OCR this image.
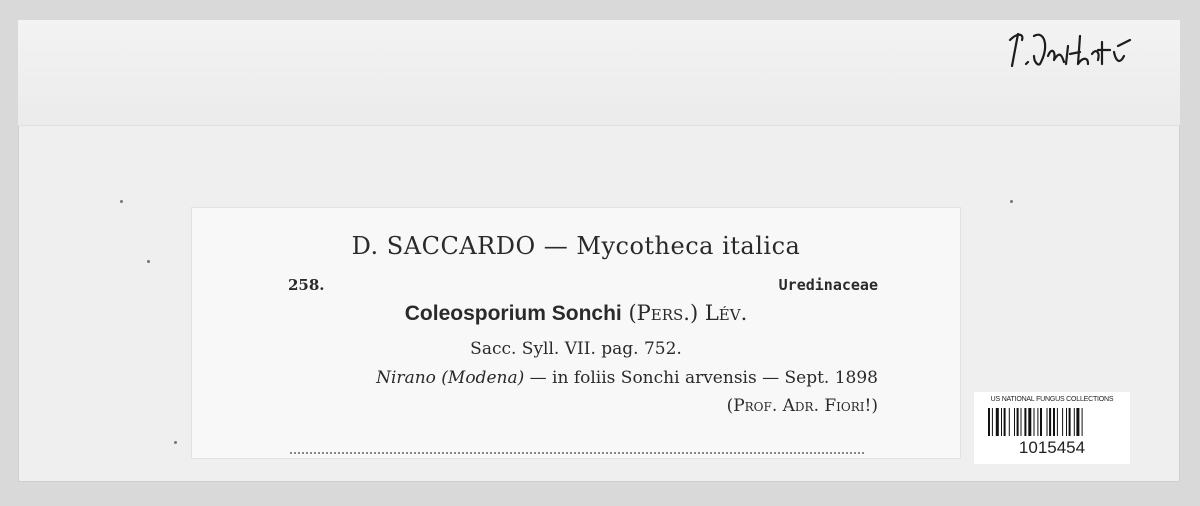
D. SACCARDO — Mycotheca italica
258.	Uredinaceae
Coleosporium Sonchi (Pers.) Lév.
Sacc. Syll. VII. pag. 752.
Nirano (Modena) — in foliis Sonchi arvensis — Sept. 1898
(Prof. Adr. Fiori!)	US NATIONAL FUNGUS COLLECTIONS
1015454
